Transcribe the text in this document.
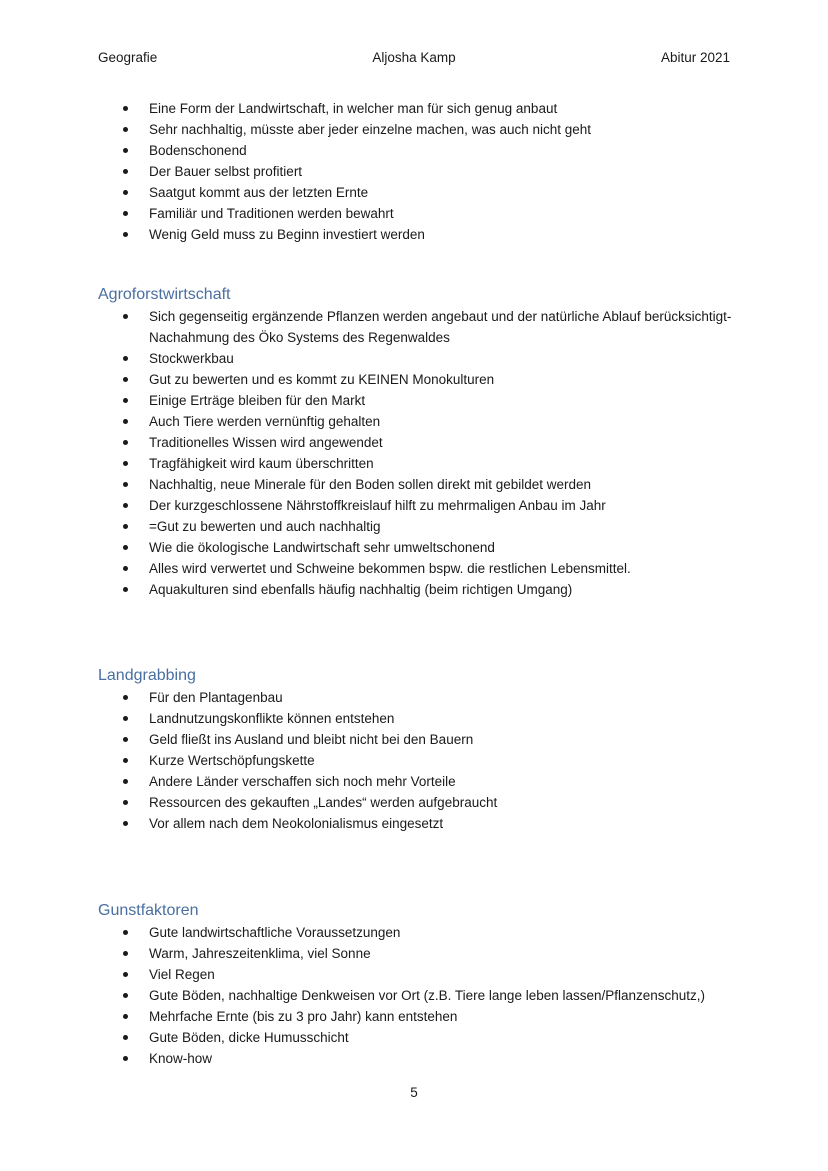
Geografie	Aljosha Kamp	Abitur 2021
Eine Form der Landwirtschaft, in welcher man für sich genug anbaut
Sehr nachhaltig, müsste aber jeder einzelne machen, was auch nicht geht
Bodenschonend
Der Bauer selbst profitiert
Saatgut kommt aus der letzten Ernte
Familiär und Traditionen werden bewahrt
Wenig Geld muss zu Beginn investiert werden
Agroforstwirtschaft
Sich gegenseitig ergänzende Pflanzen werden angebaut und der natürliche Ablauf berücksichtigt- Nachahmung des Öko Systems des Regenwaldes
Stockwerkbau
Gut zu bewerten und es kommt zu KEINEN Monokulturen
Einige Erträge bleiben für den Markt
Auch Tiere werden vernünftig gehalten
Traditionelles Wissen wird angewendet
Tragfähigkeit wird kaum überschritten
Nachhaltig, neue Minerale für den Boden sollen direkt mit gebildet werden
Der kurzgeschlossene Nährstoffkreislauf hilft zu mehrmaligen Anbau im Jahr
=Gut zu bewerten und auch nachhaltig
Wie die ökologische Landwirtschaft sehr umweltschonend
Alles wird verwertet und Schweine bekommen bspw. die restlichen Lebensmittel.
Aquakulturen sind ebenfalls häufig nachhaltig (beim richtigen Umgang)
Landgrabbing
Für den Plantagenbau
Landnutzungskonflikte können entstehen
Geld fließt ins Ausland und bleibt nicht bei den Bauern
Kurze Wertschöpfungskette
Andere Länder verschaffen sich noch mehr Vorteile
Ressourcen des gekauften „Landes“ werden aufgebraucht
Vor allem nach dem Neokolonialismus eingesetzt
Gunstfaktoren
Gute landwirtschaftliche Voraussetzungen
Warm, Jahreszeitenklima, viel Sonne
Viel Regen
Gute Böden, nachhaltige Denkweisen vor Ort (z.B. Tiere lange leben lassen/Pflanzenschutz,)
Mehrfache Ernte (bis zu 3 pro Jahr) kann entstehen
Gute Böden, dicke Humusschicht
Know-how
5
